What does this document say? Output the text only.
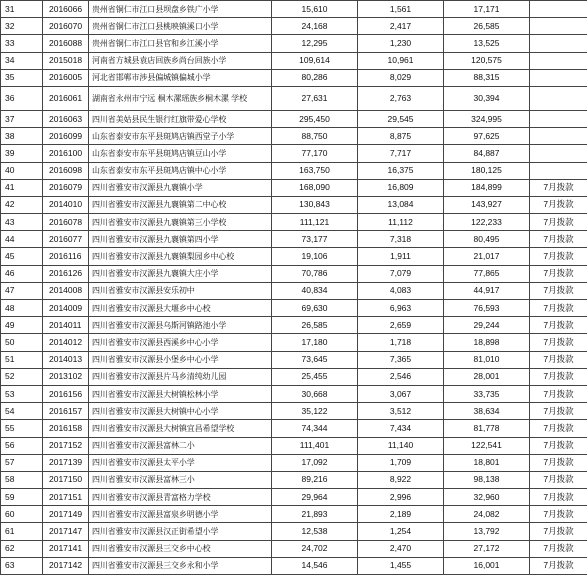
31	2016066	贵州省铜仁市江口县坝盘乡铁广小学	15,610	1,561	17,171	
32	2016070	贵州省铜仁市江口县桃映镇溪口小学	24,168	2,417	26,585	
33	2016088	贵州省铜仁市江口县官和乡江溪小学	12,295	1,230	13,525	
34	2015018	河南省方城县袁店回族乡尚台回族小学	109,614	10,961	120,575	
35	2016005	河北省邯郸市涉县偏城镇偏城小学	80,286	8,029	88,315	
36	2016061	湖南省永州市宁远 桐木漯瑶族乡桐木漯 学校	27,631	2,763	30,394	
37	2016063	四川省美姑县民生银行红旗带爱心学校	295,450	29,545	324,995	
38	2016099	山东省泰安市东平县斑鸠店镇西堂子小学	88,750	8,875	97,625	
39	2016100	山东省泰安市东平县斑鸠店镇豆山小学	77,170	7,717	84,887	
40	2016098	山东省泰安市东平县斑鸠店镇中心小学	163,750	16,375	180,125	
41	2016079	四川省雅安市汉源县九襄镇小学	168,090	16,809	184,899	7月拨款
42	2014010	四川省雅安市汉源县九襄镇第二中心校	130,843	13,084	143,927	7月拨款
43	2016078	四川省雅安市汉源县九襄镇第三小学校	111,121	11,112	122,233	7月拨款
44	2016077	四川省雅安市汉源县九襄镇第四小学	73,177	7,318	80,495	7月拨款
45	2016116	四川省雅安市汉源县九襄镇梨园乡中心校	19,106	1,911	21,017	7月拨款
46	2016126	四川省雅安市汉源县九襄镇大庄小学	70,786	7,079	77,865	7月拨款
47	2014008	四川省雅安市汉源县安乐初中	40,834	4,083	44,917	7月拨款
48	2014009	四川省雅安市汉源县大堰乡中心校	69,630	6,963	76,593	7月拨款
49	2014011	四川省雅安市汉源县乌斯河镇路池小学	26,585	2,659	29,244	7月拨款
50	2014012	四川省雅安市汉源县西溪乡中心小学	17,180	1,718	18,898	7月拨款
51	2014013	四川省雅安市汉源县小堡乡中心小学	73,645	7,365	81,010	7月拨款
52	2013102	四川省雅安市汉源县片马乡清纯幼儿园	25,455	2,546	28,001	7月拨款
53	2016156	四川省雅安市汉源县大树镇松林小学	30,668	3,067	33,735	7月拨款
54	2016157	四川省雅安市汉源县大树镇中心小学	35,122	3,512	38,634	7月拨款
55	2016158	四川省雅安市汉源县大树镇宜昌希望学校	74,344	7,434	81,778	7月拨款
56	2017152	四川省雅安市汉源县富林二小	111,401	11,140	122,541	7月拨款
57	2017139	四川省雅安市汉源县太平小学	17,092	1,709	18,801	7月拨款
58	2017150	四川省雅安市汉源县富林三小	89,216	8,922	98,138	7月拨款
59	2017151	四川省雅安市汉源县青富格力学校	29,964	2,996	32,960	7月拨款
60	2017149	四川省雅安市汉源县富泉乡明德小学	21,893	2,189	24,082	7月拨款
61	2017147	四川省雅安市汉源县汉正街希望小学	12,538	1,254	13,792	7月拨款
62	2017141	四川省雅安市汉源县三交乡中心校	24,702	2,470	27,172	7月拨款
63	2017142	四川省雅安市汉源县三交乡永和小学	14,546	1,455	16,001	7月拨款
